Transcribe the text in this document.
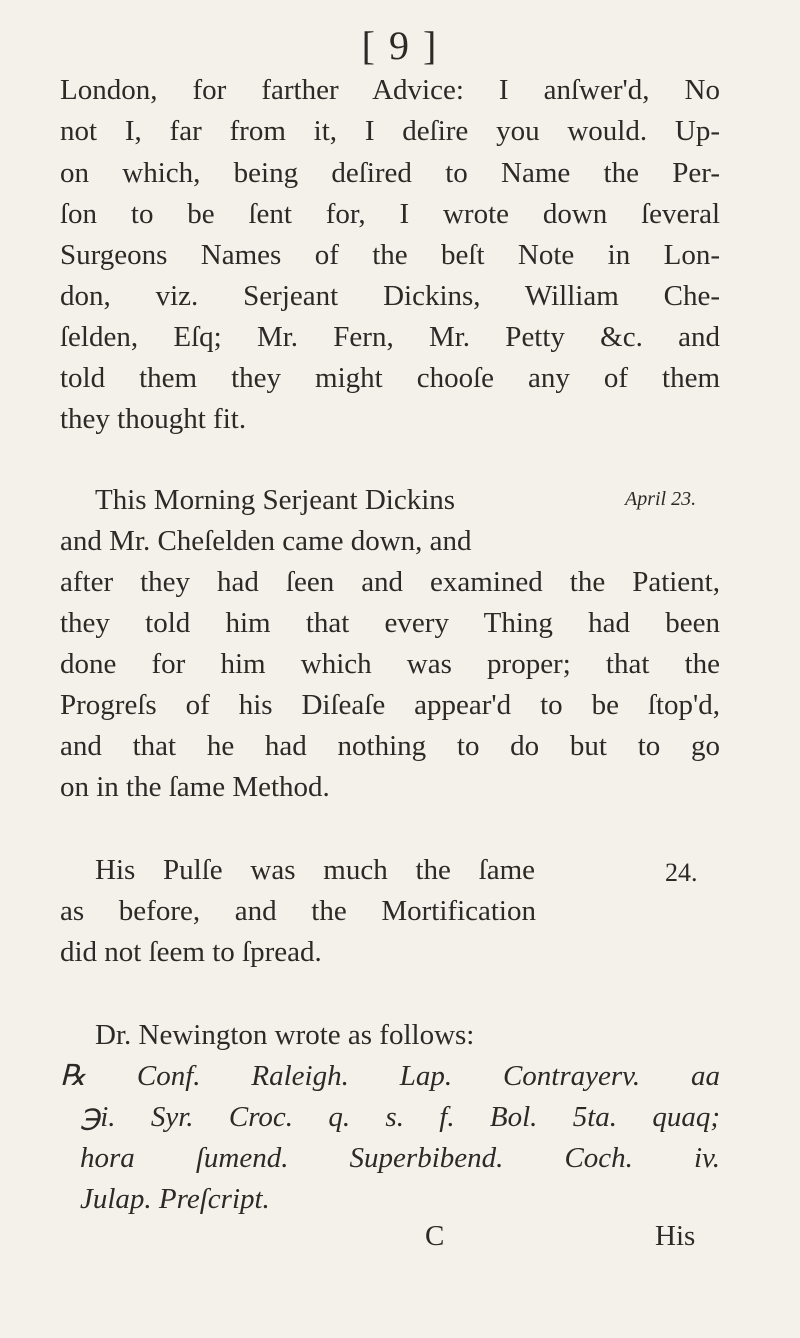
[ 9 ]
London, for farther Advice: I anſwer'd, No
not I, far from it, I deſire you would. Up-
on which, being deſired to Name the Per-
ſon to be ſent for, I wrote down ſeveral
Surgeons Names of the beſt Note in Lon-
don, viz. Serjeant Dickins, William Che-
ſelden, Eſq; Mr. Fern, Mr. Petty &c. and
told them they might chooſe any of them
they thought fit.
This Morning Serjeant Dickins	April 23.
and Mr. Cheſelden came down, and
after they had ſeen and examined the Patient,
they told him that every Thing had been
done for him which was proper; that the
Progreſs of his Diſeaſe appear'd to be ſtop'd,
and that he had nothing to do but to go
on in the ſame Method.
His Pulſe was much the ſame	24.
as before, and the Mortification
did not ſeem to ſpread.
Dr. Newington wrote as follows:
℞ Conf. Raleigh. Lap. Contrayerv. aa
℈i. Syr. Croc. q. s. f. Bol. 5ta. quaq;
hora ſumend. Superbibend. Coch. iv.
Julap. Preſcript.
C	His
